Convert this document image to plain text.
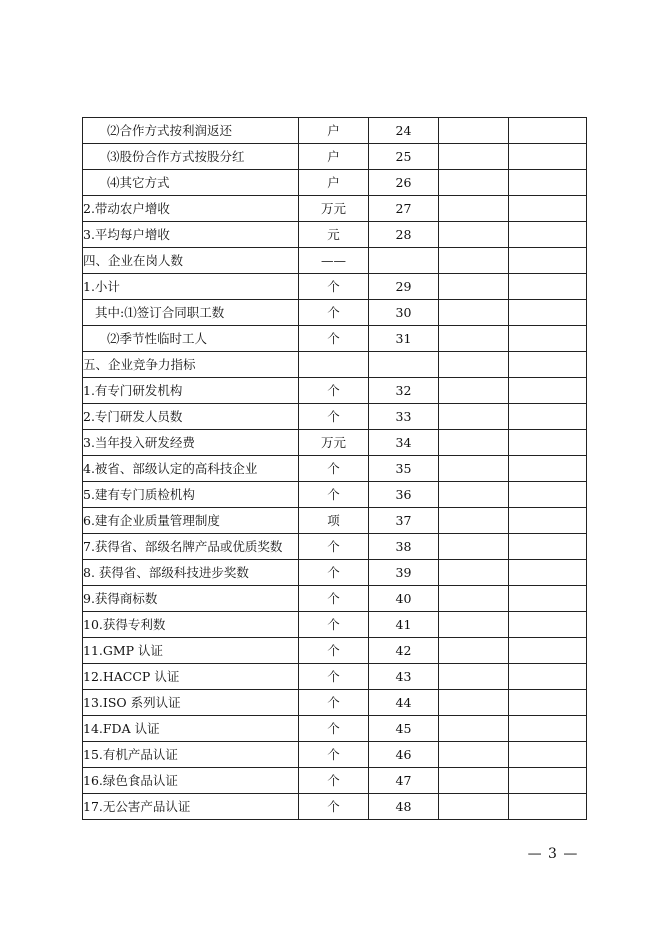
⑵合作方式按利润返还	户	24		
⑶股份合作方式按股分红	户	25		
⑷其它方式	户	26		
2.带动农户增收	万元	27		
3.平均每户增收	元	28		
四、企业在岗人数	——			
1.小计	个	29		
其中:⑴签订合同职工数	个	30		
⑵季节性临时工人	个	31		
五、企业竞争力指标				
1.有专门研发机构	个	32		
2.专门研发人员数	个	33		
3.当年投入研发经费	万元	34		
4.被省、部级认定的高科技企业	个	35		
5.建有专门质检机构	个	36		
6.建有企业质量管理制度	项	37		
7.获得省、部级名牌产品或优质奖数	个	38		
8. 获得省、部级科技进步奖数	个	39		
9.获得商标数	个	40		
10.获得专利数	个	41		
11.GMP 认证	个	42		
12.HACCP 认证	个	43		
13.ISO 系列认证	个	44		
14.FDA 认证	个	45		
15.有机产品认证	个	46		
16.绿色食品认证	个	47		
17.无公害产品认证	个	48		
— 3 —
